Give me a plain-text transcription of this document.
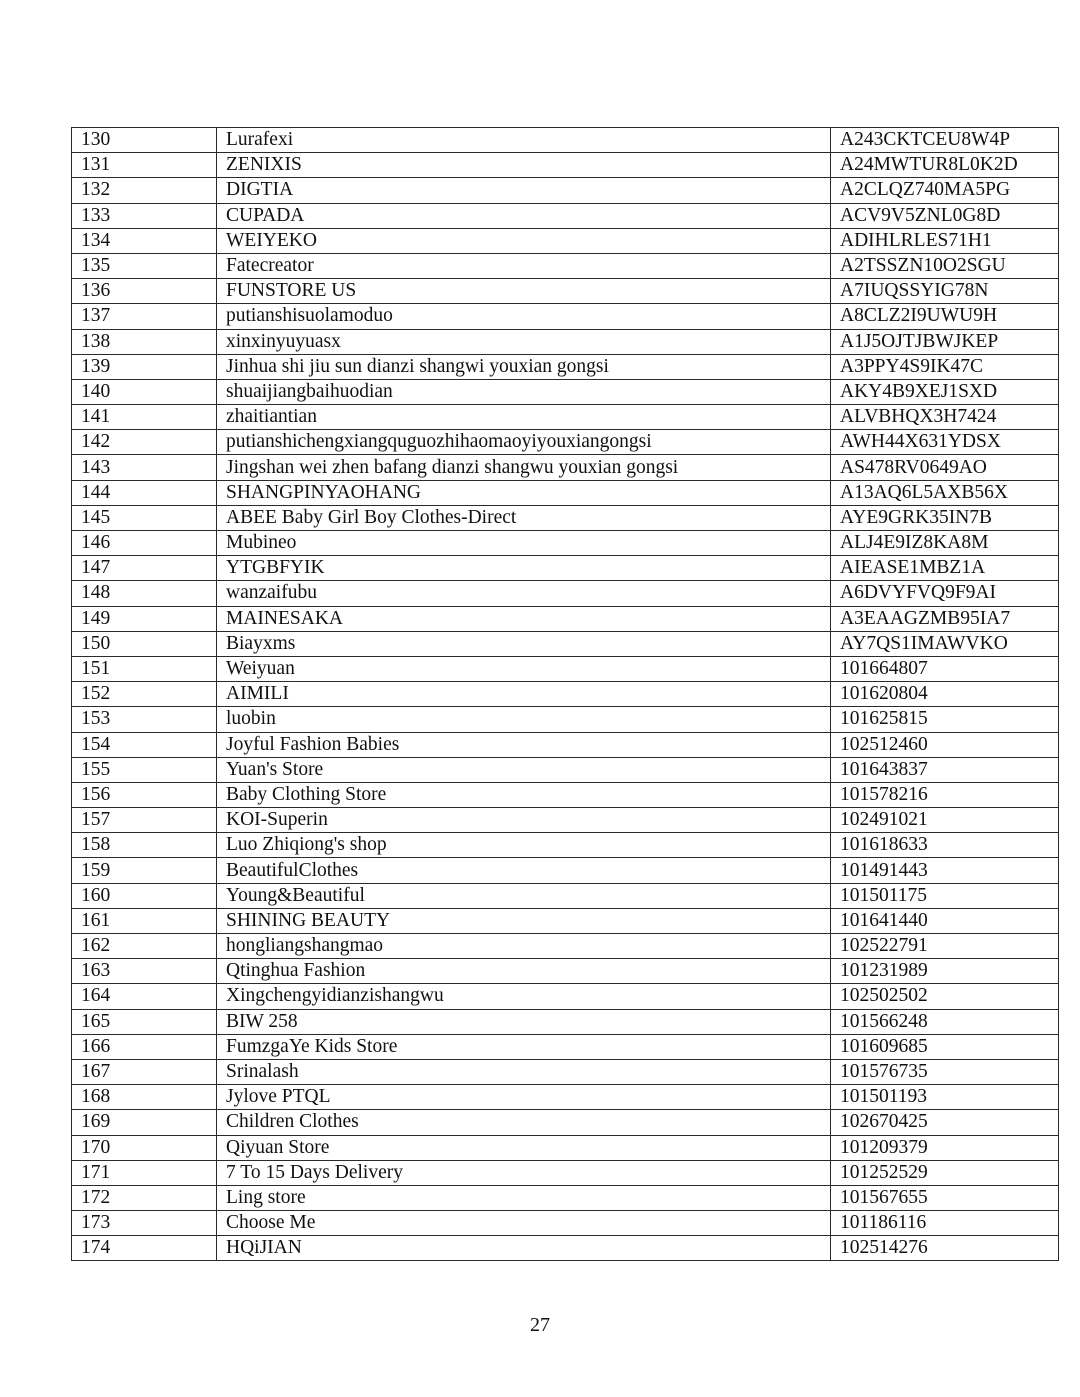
130	Lurafexi	A243CKTCEU8W4P
131	ZENIXIS	A24MWTUR8L0K2D
132	DIGTIA	A2CLQZ740MA5PG
133	CUPADA	ACV9V5ZNL0G8D
134	WEIYEKO	ADIHLRLES71H1
135	Fatecreator	A2TSSZN10O2SGU
136	FUNSTORE US	A7IUQSSYIG78N
137	putianshisuolamoduo	A8CLZ2I9UWU9H
138	xinxinyuyuasx	A1J5OJTJBWJKEP
139	Jinhua shi jiu sun dianzi shangwi youxian gongsi	A3PPY4S9IK47C
140	shuaijiangbaihuodian	AKY4B9XEJ1SXD
141	zhaitiantian	ALVBHQX3H7424
142	putianshichengxiangquguozhihaomaoyiyouxiangongsi	AWH44X631YDSX
143	Jingshan wei zhen bafang dianzi shangwu youxian gongsi	AS478RV0649AO
144	SHANGPINYAOHANG	A13AQ6L5AXB56X
145	ABEE Baby Girl Boy Clothes-Direct	AYE9GRK35IN7B
146	Mubineo	ALJ4E9IZ8KA8M
147	YTGBFYIK	AIEASE1MBZ1A
148	wanzaifubu	A6DVYFVQ9F9AI
149	MAINESAKA	A3EAAGZMB95IA7
150	Biayxms	AY7QS1IMAWVKO
151	Weiyuan	101664807
152	AIMILI	101620804
153	luobin	101625815
154	Joyful Fashion Babies	102512460
155	Yuan's Store	101643837
156	Baby Clothing Store	101578216
157	KOI-Superin	102491021
158	Luo Zhiqiong's shop	101618633
159	BeautifulClothes	101491443
160	Young&Beautiful	101501175
161	SHINING BEAUTY	101641440
162	hongliangshangmao	102522791
163	Qtinghua Fashion	101231989
164	Xingchengyidianzishangwu	102502502
165	BIW 258	101566248
166	FumzgaYe Kids Store	101609685
167	Srinalash	101576735
168	Jylove PTQL	101501193
169	Children Clothes	102670425
170	Qiyuan Store	101209379
171	7 To 15 Days Delivery	101252529
172	Ling store	101567655
173	Choose Me	101186116
174	HQiJIAN	102514276
27
